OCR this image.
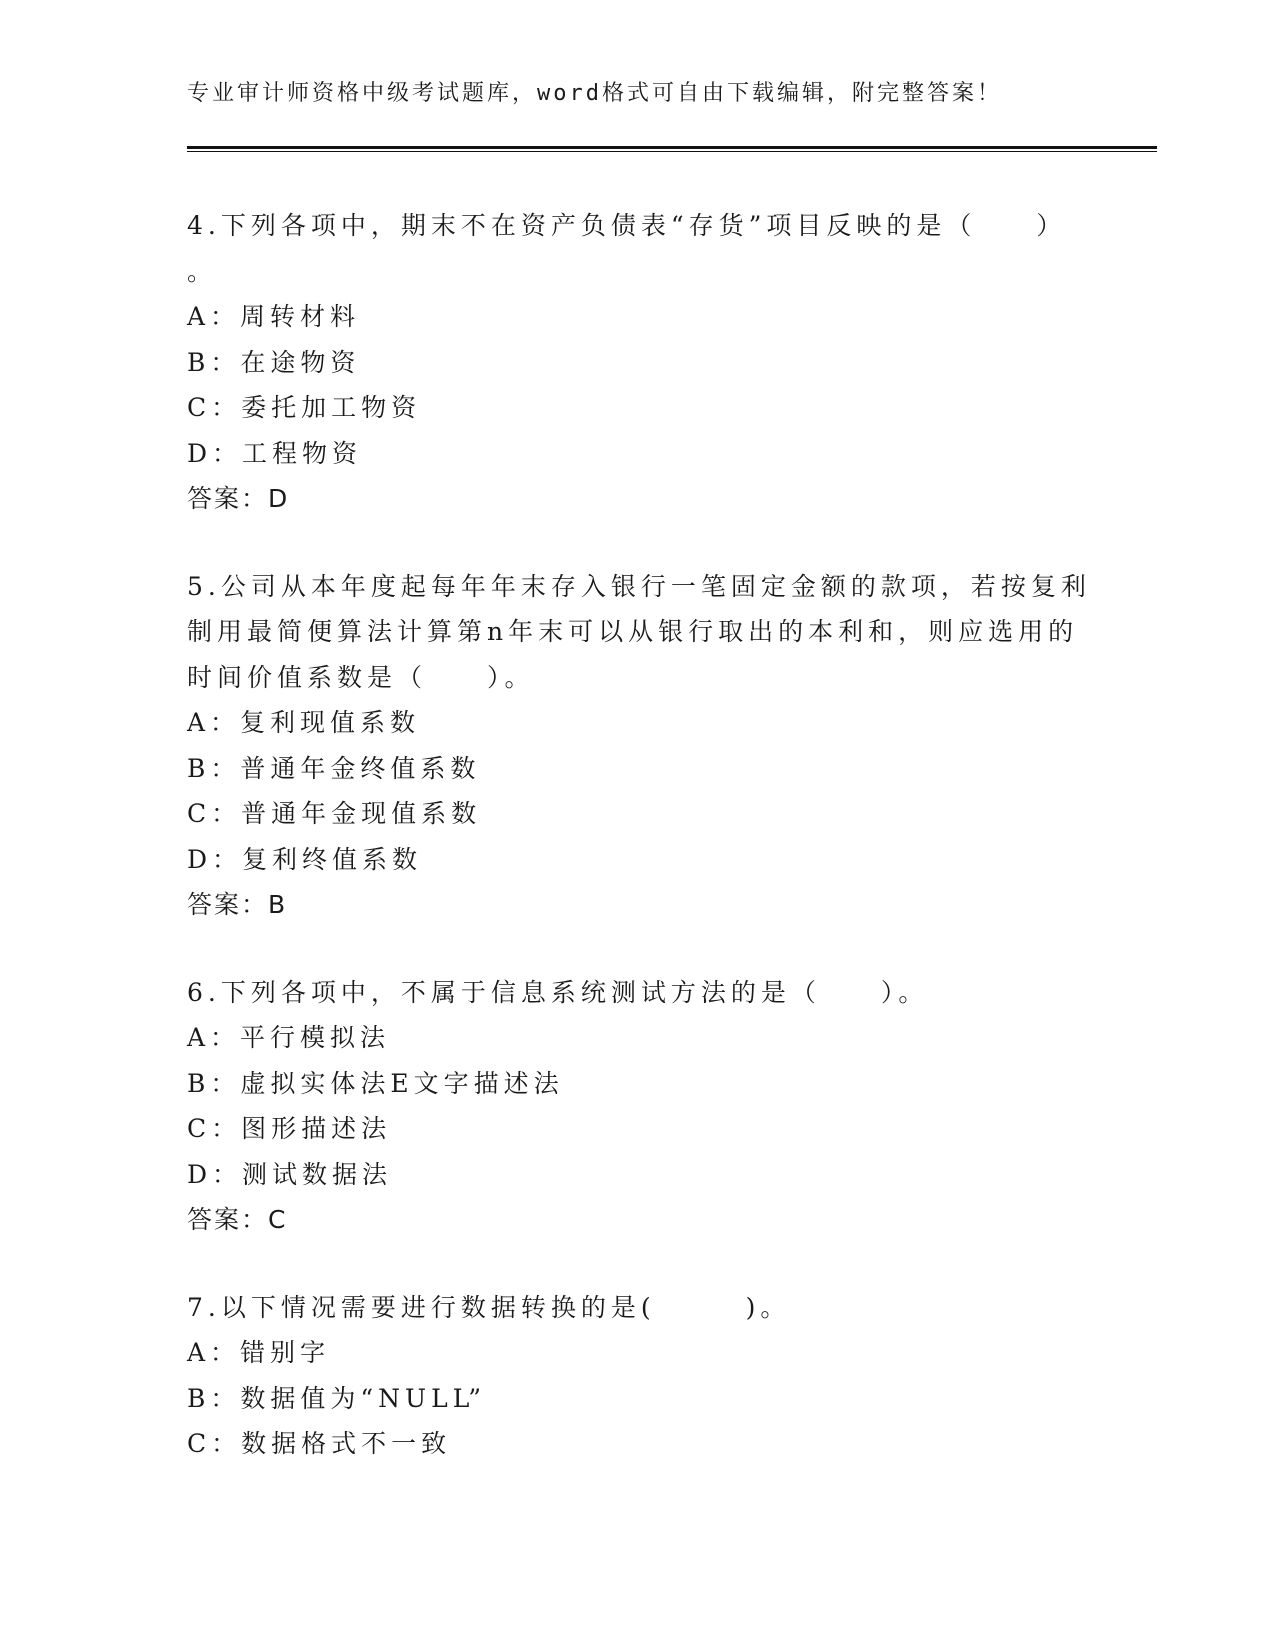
专业审计师资格中级考试题库，word格式可自由下载编辑，附完整答案！
4.下列各项中，期末不在资产负债表“存货”项目反映的是（　　）
。
A：周转材料
B：在途物资
C：委托加工物资
D：工程物资
答案：D
5.公司从本年度起每年年末存入银行一笔固定金额的款项，若按复利
制用最简便算法计算第n年末可以从银行取出的本利和，则应选用的
时间价值系数是（　　）。
A：复利现值系数
B：普通年金终值系数
C：普通年金现值系数
D：复利终值系数
答案：B
6.下列各项中，不属于信息系统测试方法的是（　　）。
A：平行模拟法
B：虚拟实体法E文字描述法
C：图形描述法
D：测试数据法
答案：C
7.以下情况需要进行数据转换的是(　　　)。
A：错别字
B：数据值为“NULL”
C：数据格式不一致
